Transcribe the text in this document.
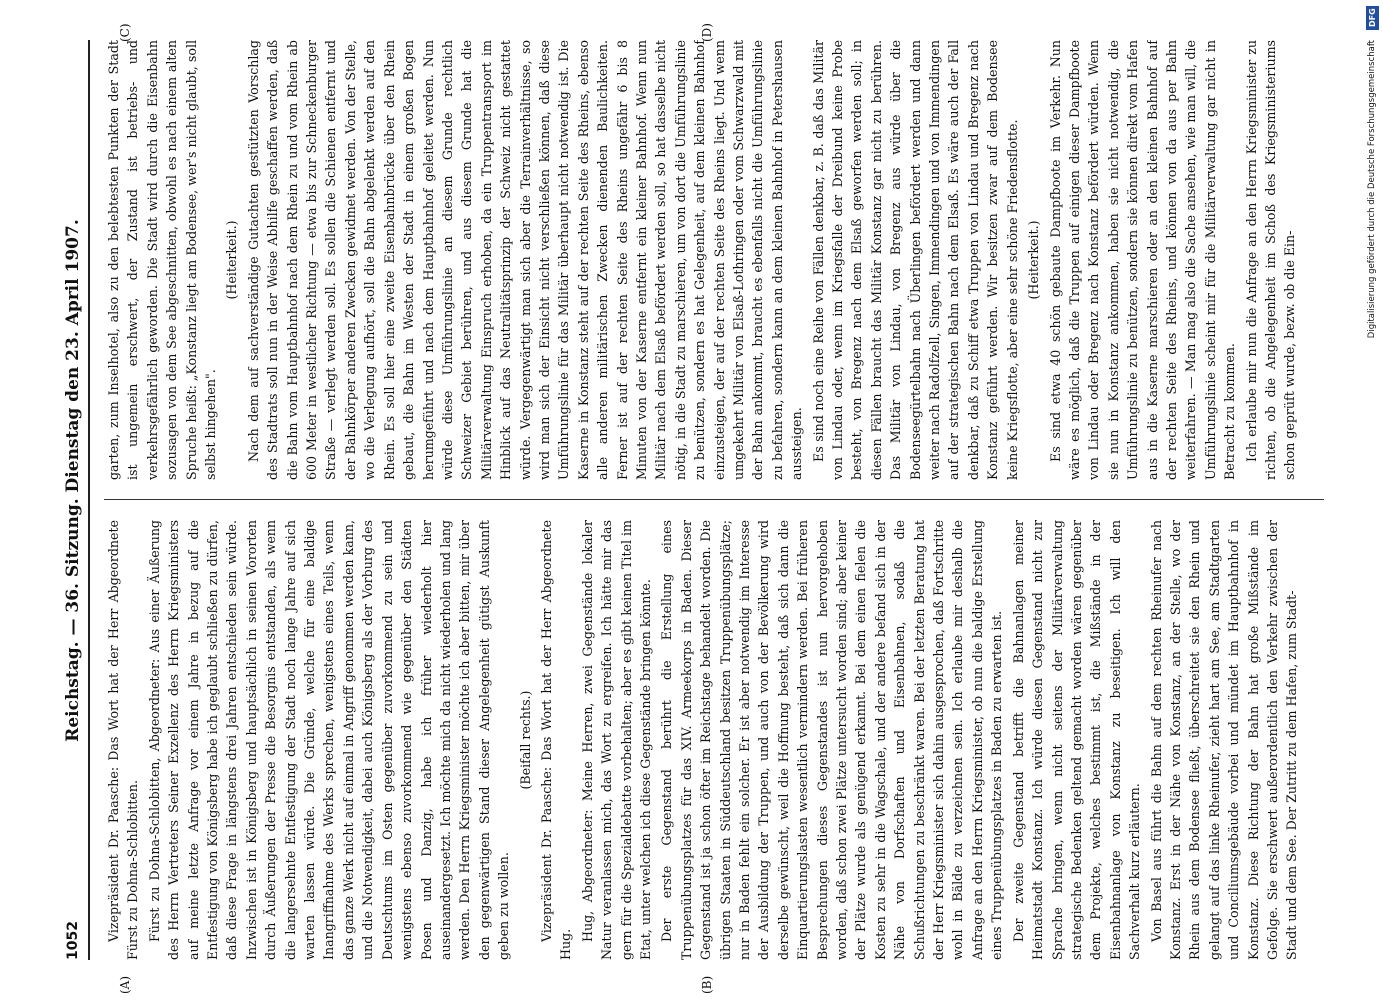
1052
Reichstag. — 36. Sitzung. Dienstag den 23. April 1907.
(A)	(B)
(C)	(D)

Vizepräsident Dr. Paasche: Das Wort hat der Herr Abgeordnete Fürst zu Dohna-Schlobitten. Fürst zu Dohna-Schlobitten, Abgeordneter: Aus einer Äußerung des Herrn Vertreters Seiner Exzellenz des Herrn Kriegsministers auf meine letzte Anfrage vor einem Jahre in bezug auf die Entfestigung von Königsberg habe ich geglaubt schließen zu dürfen, daß diese Frage in längstens drei Jahren entschieden sein würde. Inzwischen ist in Königsberg und hauptsächlich in seinen Vororten durch Äußerungen der Presse die Besorgnis entstanden, als wenn die langersehnte Entfestigung der Stadt noch lange Jahre auf sich warten lassen würde. Die Gründe, welche für eine baldige Inangriffnahme des Werks sprechen, wenigstens eines Teils, wenn das ganze Werk nicht auf einmal in Angriff genommen werden kann, und die Notwendigkeit, dabei auch Königsberg als der Vorburg des Deutschtums im Osten gegenüber zuvorkommend zu sein und wenigstens ebenso zuvorkommend wie gegenüber den Städten Posen und Danzig, habe ich früher wiederholt hier auseinandergesetzt. Ich möchte mich da nicht wiederholen und lang werden. Den Herrn Kriegsminister möchte ich aber bitten, mir über den gegenwärtigen Stand dieser Angelegenheit gütigst Auskunft geben zu wollen.

(Beifall rechts.) Vizepräsident Dr. Paasche: Das Wort hat der Herr Abgeordnete Hug.

Hug, Abgeordneter: Meine Herren, zwei Gegenstände lokaler Natur veranlassen mich, das Wort zu ergreifen. Ich hätte mir das gern für die Spezialdebatte vorbehalten; aber es gibt keinen Titel im Etat, unter welchen ich diese Gegenstände bringen könnte. Der erste Gegenstand berührt die Erstellung eines Truppenübungsplatzes für das XIV. Armeekorps in Baden. Dieser Gegenstand ist ja schon öfter im Reichstage behandelt worden. Die übrigen Staaten in Süddeutschland besitzen Truppenübungsplätze; nur in Baden fehlt ein solcher. Er ist aber notwendig im Interesse der Ausbildung der Truppen, und auch von der Bevölkerung wird derselbe gewünscht, weil die Hoffnung besteht, daß sich dann die Einquartierungslasten wesentlich vermindern werden. Bei früheren Besprechungen dieses Gegenstandes ist nun hervorgehoben worden, daß schon zwei Plätze untersucht worden sind; aber keiner der Plätze wurde als genügend erkannt. Bei dem einen fielen die Kosten zu sehr in die Wagschale, und der andere befand sich in der Nähe von Dorfschaften und Eisenbahnen, sodaß die Schußrichtungen zu beschränkt waren. Bei der letzten Beratung hat der Herr Kriegsminister sich dahin ausgesprochen, daß Fortschritte wohl in Bälde zu verzeichnen sein. Ich erlaube mir deshalb die Anfrage an den Herrn Kriegsminister, ob nun die baldige Erstellung eines Truppenübungsplatzes in Baden zu erwarten ist. Der zweite Gegenstand betrifft die Bahnanlagen meiner Heimatstadt Konstanz. Ich würde diesen Gegenstand nicht zur Sprache bringen, wenn nicht seitens der Militärverwaltung strategische Bedenken geltend gemacht worden wären gegenüber dem Projekte, welches bestimmt ist, die Mißstände in der Eisenbahnanlage von Konstanz zu beseitigen. Ich will den Sachverhalt kurz erläutern. Von Basel aus führt die Bahn auf dem rechten Rheinufer nach Konstanz. Erst in der Nähe von Konstanz, an der Stelle, wo der Rhein aus dem Bodensee fließt, überschreitet sie den Rhein und gelangt auf das linke Rheinufer, zieht hart am See, am Stadtgarten und Conciliumsgebäude vorbei und mündet im Hauptbahnhof in Konstanz. Diese Richtung der Bahn hat große Mißstände im Gefolge. Sie erschwert außerordentlich den Verkehr zwischen der Stadt und dem See. Der Zutritt zu dem Hafen, zum Stadt-

garten, zum Inselhotel, also zu den belebtesten Punkten der Stadt ist ungemein erschwert, der Zustand ist betriebs- und verkehrsgefährlich geworden. Die Stadt wird durch die Eisenbahn sozusagen von dem See abgeschnitten, obwohl es nach einem alten Spruche heißt: „Konstanz liegt am Bodensee, wer's nicht glaubt, soll selbst hingehen".

(Heiterkeit.) Nach dem auf sachverständige Gutachten gestützten Vorschlag des Stadtrats soll nun in der Weise Abhilfe geschaffen werden, daß die Bahn vom Hauptbahnhof nach dem Rhein zu und vom Rhein ab 600 Meter in westlicher Richtung — etwa bis zur Schneckenburger Straße — verlegt werden soll. Es sollen die Schienen entfernt und der Bahnkörper anderen Zwecken gewidmet werden. Von der Stelle, wo die Verlegung aufhört, soll die Bahn abgelenkt werden auf den Rhein. Es soll hier eine zweite Eisenbahnbrücke über den Rhein gebaut, die Bahn im Westen der Stadt in einem großen Bogen herumgeführt und nach dem Hauptbahnhof geleitet werden. Nun würde diese Umführungslinie an diesem Grunde rechtlich Schweizer Gebiet berühren, und aus diesem Grunde hat die Militärverwaltung Einspruch erhoben, da ein Truppentransport im Hinblick auf das Neutralitätsprinzip der Schweiz nicht gestattet würde. Vergegenwärtigt man sich aber die Terrainverhältnisse, so wird man sich der Einsicht nicht verschließen können, daß diese Umführungslinie für das Militär überhaupt nicht notwendig ist. Die Kaserne in Konstanz steht auf der rechten Seite des Rheins, ebenso alle anderen militärischen Zwecken dienenden Baulichkeiten. Ferner ist auf der rechten Seite des Rheins ungefähr 6 bis 8 Minuten von der Kaserne entfernt ein kleiner Bahnhof. Wenn nun Militär nach dem Elsaß befördert werden soll, so hat dasselbe nicht nötig, in die Stadt zu marschieren, um von dort die Umführungslinie zu benützen, sondern es hat Gelegenheit, auf dem kleinen Bahnhof einzusteigen, der auf der rechten Seite des Rheins liegt. Und wenn umgekehrt Militär von Elsaß-Lothringen oder vom Schwarzwald mit der Bahn ankommt, braucht es ebenfalls nicht die Umführungslinie zu befahren, sondern kann an dem kleinen Bahnhof in Petershausen aussteigen. Es sind noch eine Reihe von Fällen denkbar, z. B. daß das Militär von Lindau oder, wenn im Kriegsfalle der Dreibund keine Probe besteht, von Bregenz nach dem Elsaß geworfen werden soll; in diesen Fällen braucht das Militär Konstanz gar nicht zu berühren. Das Militär von Lindau, von Bregenz aus würde über die Bodenseegürtelbahn nach Überlingen befördert werden und dann weiter nach Radolfzell, Singen, Immendingen und von Immendingen auf der strategischen Bahn nach dem Elsaß. Es wäre auch der Fall denkbar, daß zu Schiff etwa Truppen von Lindau und Bregenz nach Konstanz geführt werden. Wir besitzen zwar auf dem Bodensee keine Kriegsflotte, aber eine sehr schöne Friedensflotte. (Heiterkeit.) Es sind etwa 40 schön gebaute Dampfboote im Verkehr. Nun wäre es möglich, daß die Truppen auf einigen dieser Dampfboote von Lindau oder Bregenz nach Konstanz befördert würden. Wenn sie nun in Konstanz ankommen, haben sie nicht notwendig, die Umführungslinie zu benützen, sondern sie können direkt vom Hafen aus in die Kaserne marschieren oder an den kleinen Bahnhof auf der rechten Seite des Rheins, und können von da aus per Bahn weiterfahren. — Man mag also die Sache ansehen, wie man will, die Umführungslinie scheint mir für die Militärverwaltung gar nicht in Betracht zu kommen. Ich erlaube mir nun die Anfrage an den Herrn Kriegsminister zu richten, ob die Angelegenheit im Schoß des Kriegsministeriums schon geprüft wurde, bezw. ob die Ein-

DFG
Digitalisierung gefördert durch die Deutsche Forschungsgemeinschaft
